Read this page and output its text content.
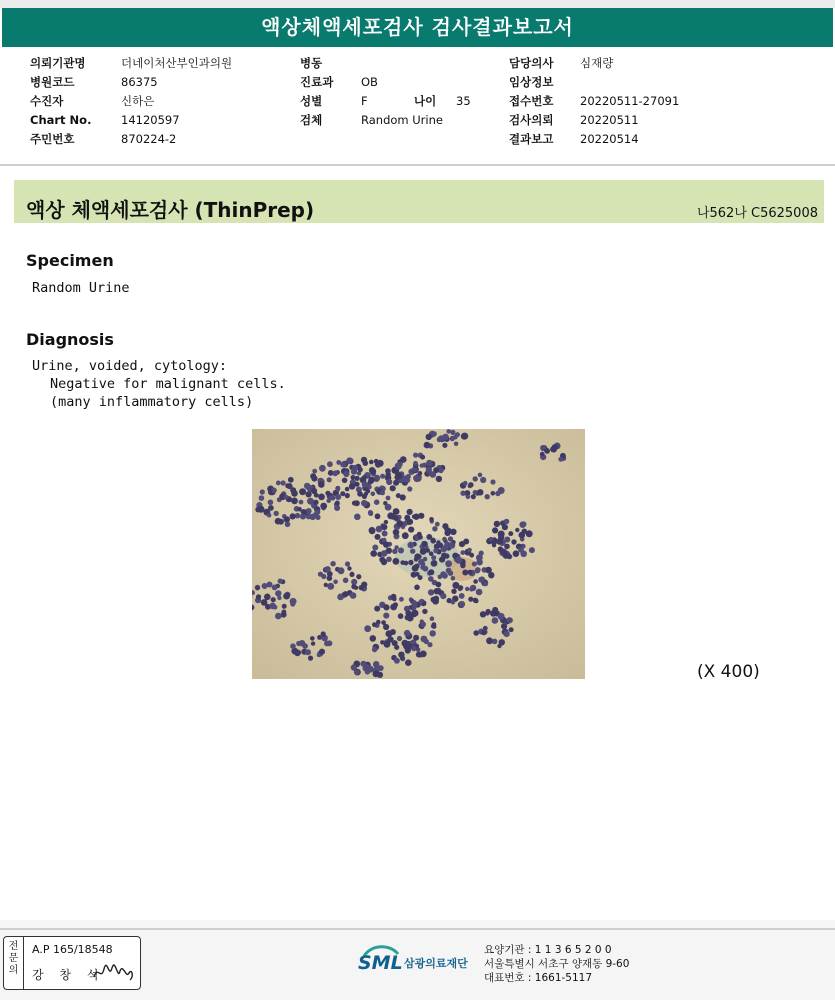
액상체액세포검사 검사결과보고서
의뢰기관명	더네이처산부인과의원
병원코드	86375
수진자	신하은
Chart No.	14120597
주민번호	870224-2
병동
진료과 OB
성별	F	나이 35
검체	Random Urine
담당의사 심재량
임상정보
접수번호 20220511-27091
검사의뢰 20220511
결과보고 20220514
액상 체액세포검사 (ThinPrep)	나562나 C5625008
Specimen
Random Urine
Diagnosis
Urine, voided, cytology:
Negative for malignant cells.
(many inflammatory cells)
(X 400)
전
문
의
A.P 165/18548
강 창 석
SML 삼광의료재단
요양기관 : 1 1 3 6 5 2 0 0
서울특별시 서초구 양재동 9-60
대표번호 : 1661-5117
